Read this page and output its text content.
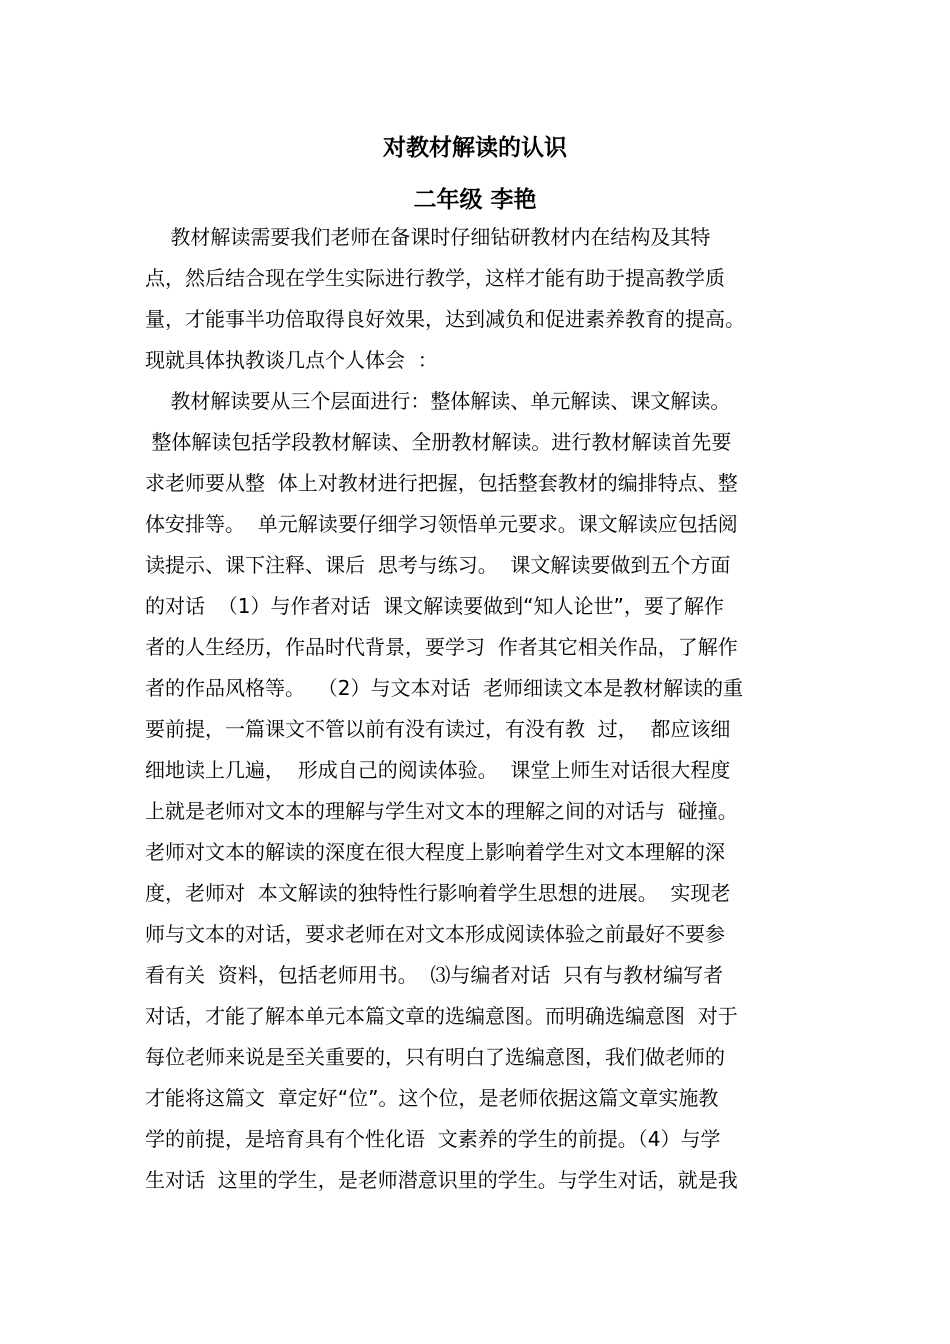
对教材解读的认识
二年级 李艳
教材解读需要我们老师在备课时仔细钻研教材内在结构及其特
点，然后结合现在学生实际进行教学，这样才能有助于提高教学质
量，才能事半功倍取得良好效果，达到减负和促进素养教育的提高。
现就具体执教谈几点个人体会  ：
教材解读要从三个层面进行：整体解读、单元解读、课文解读。
整体解读包括学段教材解读、全册教材解读。进行教材解读首先要
求老师要从整  体上对教材进行把握，包括整套教材的编排特点、整
体安排等。  单元解读要仔细学习领悟单元要求。课文解读应包括阅
读提示、课下注释、课后  思考与练习。  课文解读要做到五个方面
的对话  （1）与作者对话  课文解读要做到“知人论世”，要了解作
者的人生经历，作品时代背景，要学习  作者其它相关作品，了解作
者的作品风格等。  （2）与文本对话  老师细读文本是教材解读的重
要前提，一篇课文不管以前有没有读过，有没有教  过，  都应该细
细地读上几遍，  形成自己的阅读体验。  课堂上师生对话很大程度
上就是老师对文本的理解与学生对文本的理解之间的对话与  碰撞。
老师对文本的解读的深度在很大程度上影响着学生对文本理解的深
度，老师对  本文解读的独特性行影响着学生思想的进展。  实现老
师与文本的对话，要求老师在对文本形成阅读体验之前最好不要参
看有关  资料，包括老师用书。  ⑶与编者对话  只有与教材编写者
对话，才能了解本单元本篇文章的选编意图。而明确选编意图  对于
每位老师来说是至关重要的，只有明白了选编意图，我们做老师的
才能将这篇文  章定好“位”。这个位，是老师依据这篇文章实施教
学的前提，是培育具有个性化语  文素养的学生的前提。（4）与学
生对话  这里的学生，是老师潜意识里的学生。与学生对话，就是我
